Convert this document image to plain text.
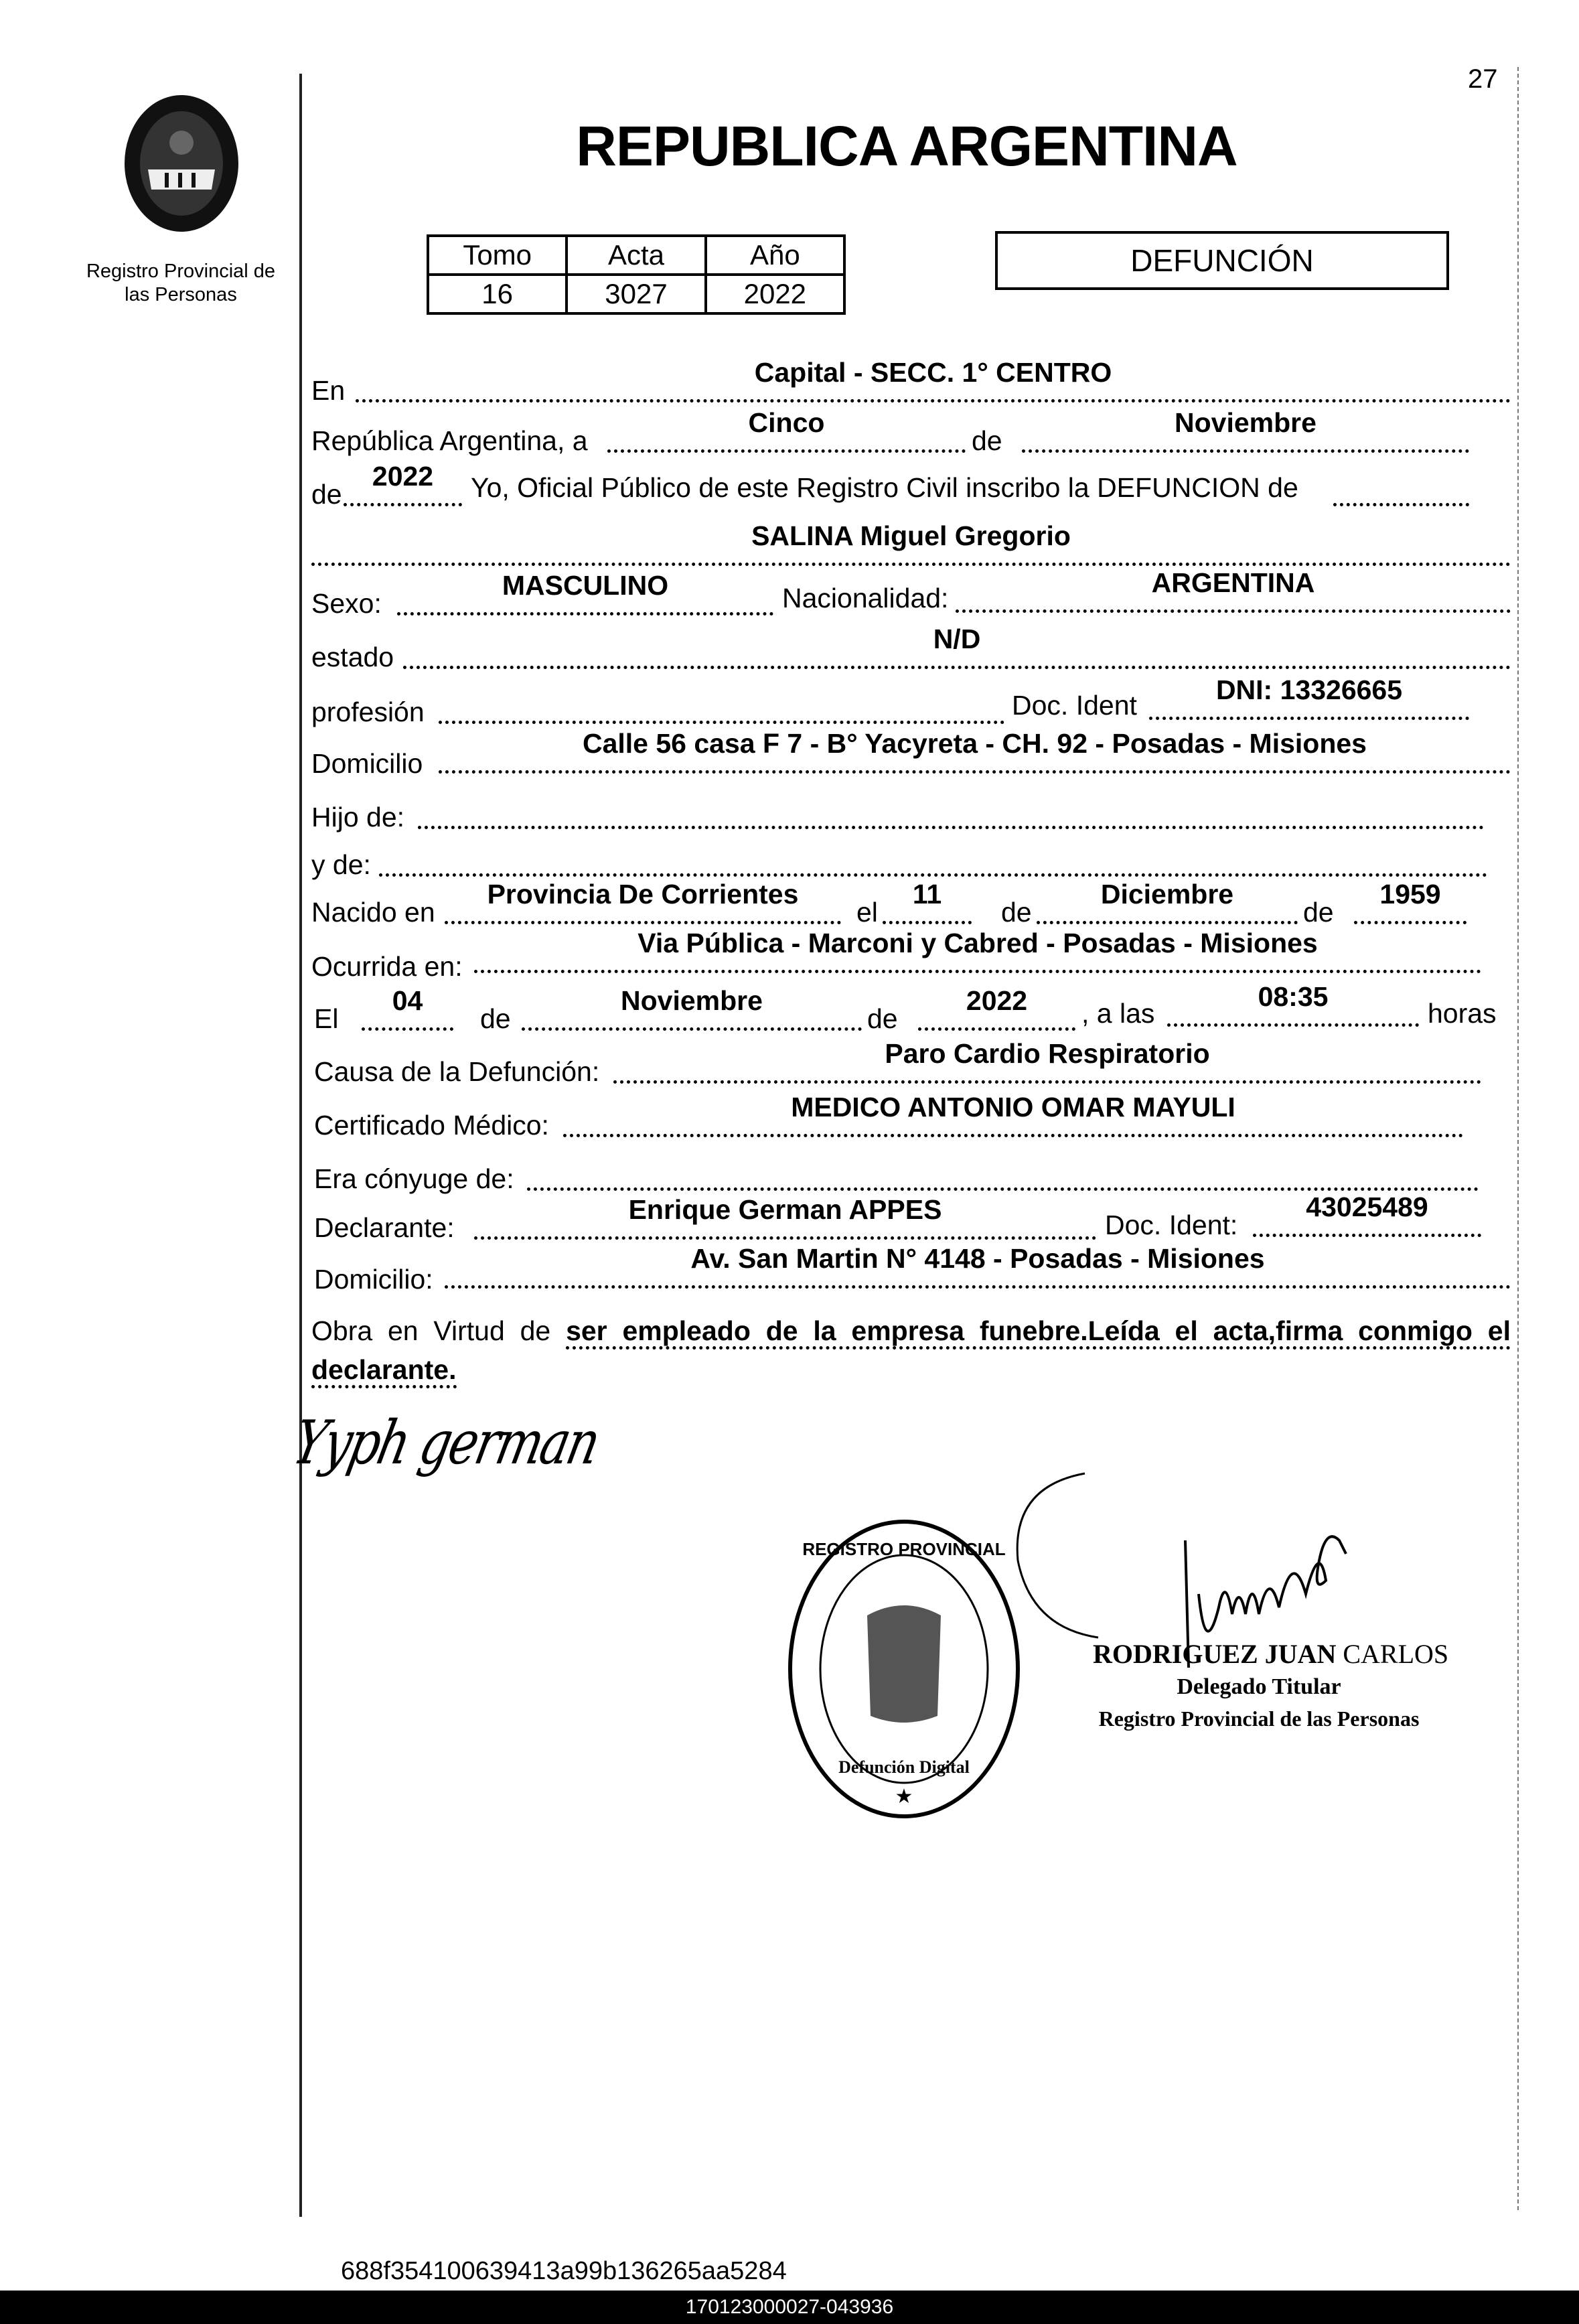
27
Registro Provincial de
las Personas
REPUBLICA ARGENTINA
Tomo	Acta	Año
16	3027	2022
DEFUNCIÓN
En
Capital - SECC. 1° CENTRO
República Argentina, a
Cinco
de
Noviembre
de
2022	Yo, Oficial Público de este Registro Civil inscribo la DEFUNCION de
SALINA Miguel Gregorio
Sexo:
MASCULINO	Nacionalidad:	ARGENTINA
estado
N/D
profesión	Doc. Ident	DNI: 13326665
Domicilio
Calle 56 casa F 7 - B° Yacyreta - CH. 92 - Posadas - Misiones
Hijo de:
y de:
Nacido en
Provincia De Corrientes
el
11
de
Diciembre
de
1959
Ocurrida en:
Via Pública - Marconi y Cabred - Posadas - Misiones
El
04
de
Noviembre
de
2022	, a las
08:35
horas
Causa de la Defunción:
Paro Cardio Respiratorio
Certificado Médico:
MEDICO ANTONIO OMAR MAYULI
Era cónyuge de:
Declarante:
Enrique German APPES	Doc. Ident:
43025489
Domicilio:
Av. San Martin N° 4148 - Posadas - Misiones
Obra en Virtud de ser empleado de la empresa funebre.Leída el acta,firma conmigo el declarante.
Yyph german
REGISTRO PROVINCIAL
Defunción Digital
★
RODRIGUEZ JUAN CARLOS
Delegado Titular
Registro Provincial de las Personas
688f354100639413a99b136265aa5284
170123000027-043936
